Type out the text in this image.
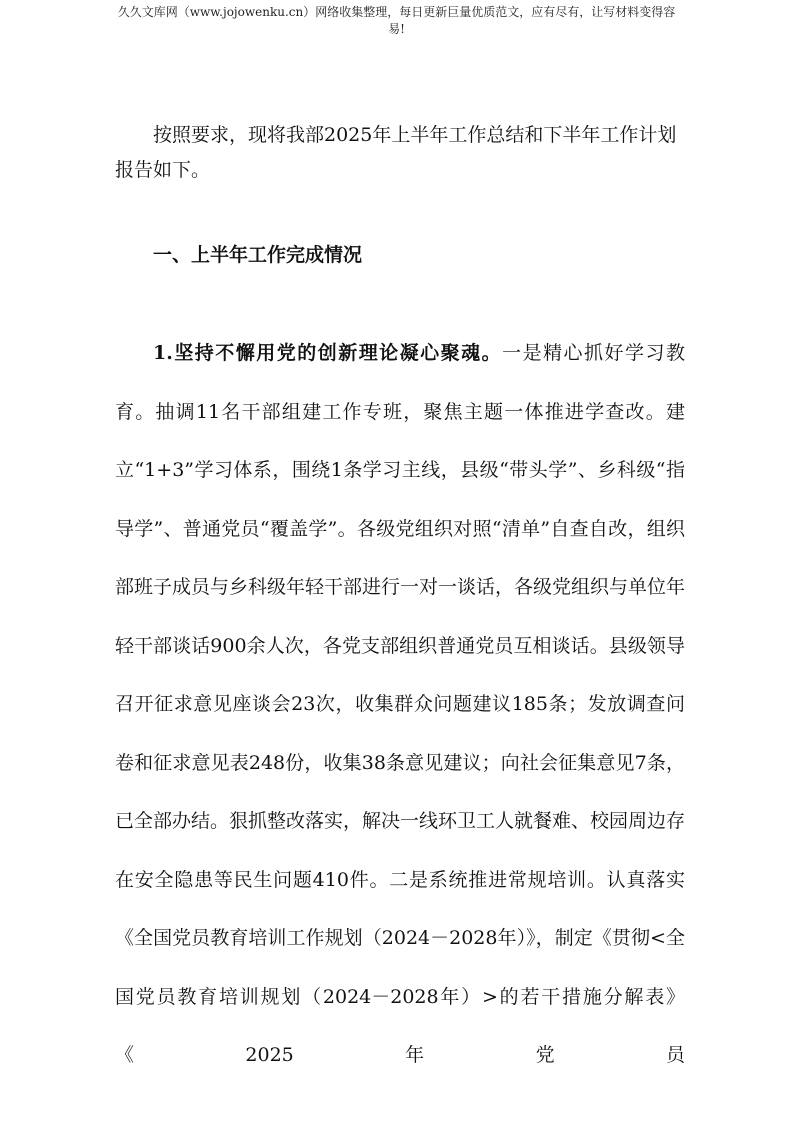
久久文库网（www.jojowenku.cn）网络收集整理，每日更新巨量优质范文，应有尽有，让写材料变得容
易!

按照要求，现将我部2025年上半年工作总结和下半年工作计划报告如下。

一、上半年工作完成情况

1.坚持不懈用党的创新理论凝心聚魂。一是精心抓好学习教育。抽调11名干部组建工作专班，聚焦主题一体推进学查改。建立“1+3”学习体系，围绕1条学习主线，县级“带头学”、乡科级“指导学”、普通党员“覆盖学”。各级党组织对照“清单”自查自改，组织部班子成员与乡科级年轻干部进行一对一谈话，各级党组织与单位年轻干部谈话900余人次，各党支部组织普通党员互相谈话。县级领导召开征求意见座谈会23次，收集群众问题建议185条；发放调查问卷和征求意见表248份，收集38条意见建议；向社会征集意见7条，已全部办结。狠抓整改落实，解决一线环卫工人就餐难、校园周边存在安全隐患等民生问题410件。二是系统推进常规培训。认真落实《全国党员教育培训工作规划（2024－2028年）》，制定《贯彻<全国党员教育培训规划（2024－2028年）>的若干措施分解表》《2025年党员
